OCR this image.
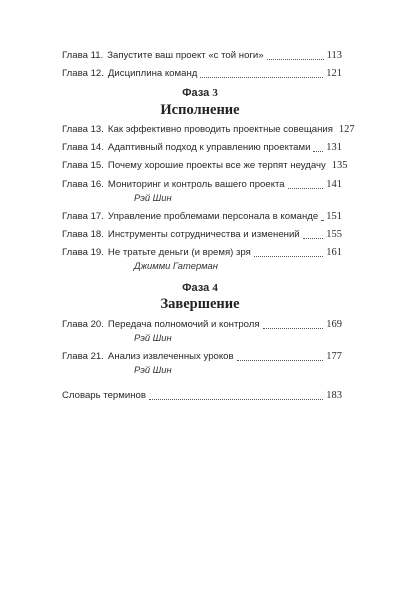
Глава 11. Запустите ваш проект «с той ноги»	113
Глава 12. Дисциплина команд	121
Фаза 3
Исполнение
Глава 13. Как эффективно проводить проектные совещания 127
Глава 14. Адаптивный подход к управлению проектами 131
Глава 15. Почему хорошие проекты все же терпят неудачу 135
Глава 16. Мониторинг и контроль вашего проекта	141
Рэй Шин
Глава 17. Управление проблемами персонала в команде 151
Глава 18. Инструменты сотрудничества и изменений	155
Глава 19. Не тратьте деньги (и время) зря	161
Джимми Гатерман
Фаза 4
Завершение
Глава 20. Передача полномочий и контроля	169
Рэй Шин
Глава 21. Анализ извлеченных уроков	177
Рэй Шин
Словарь терминов	183
